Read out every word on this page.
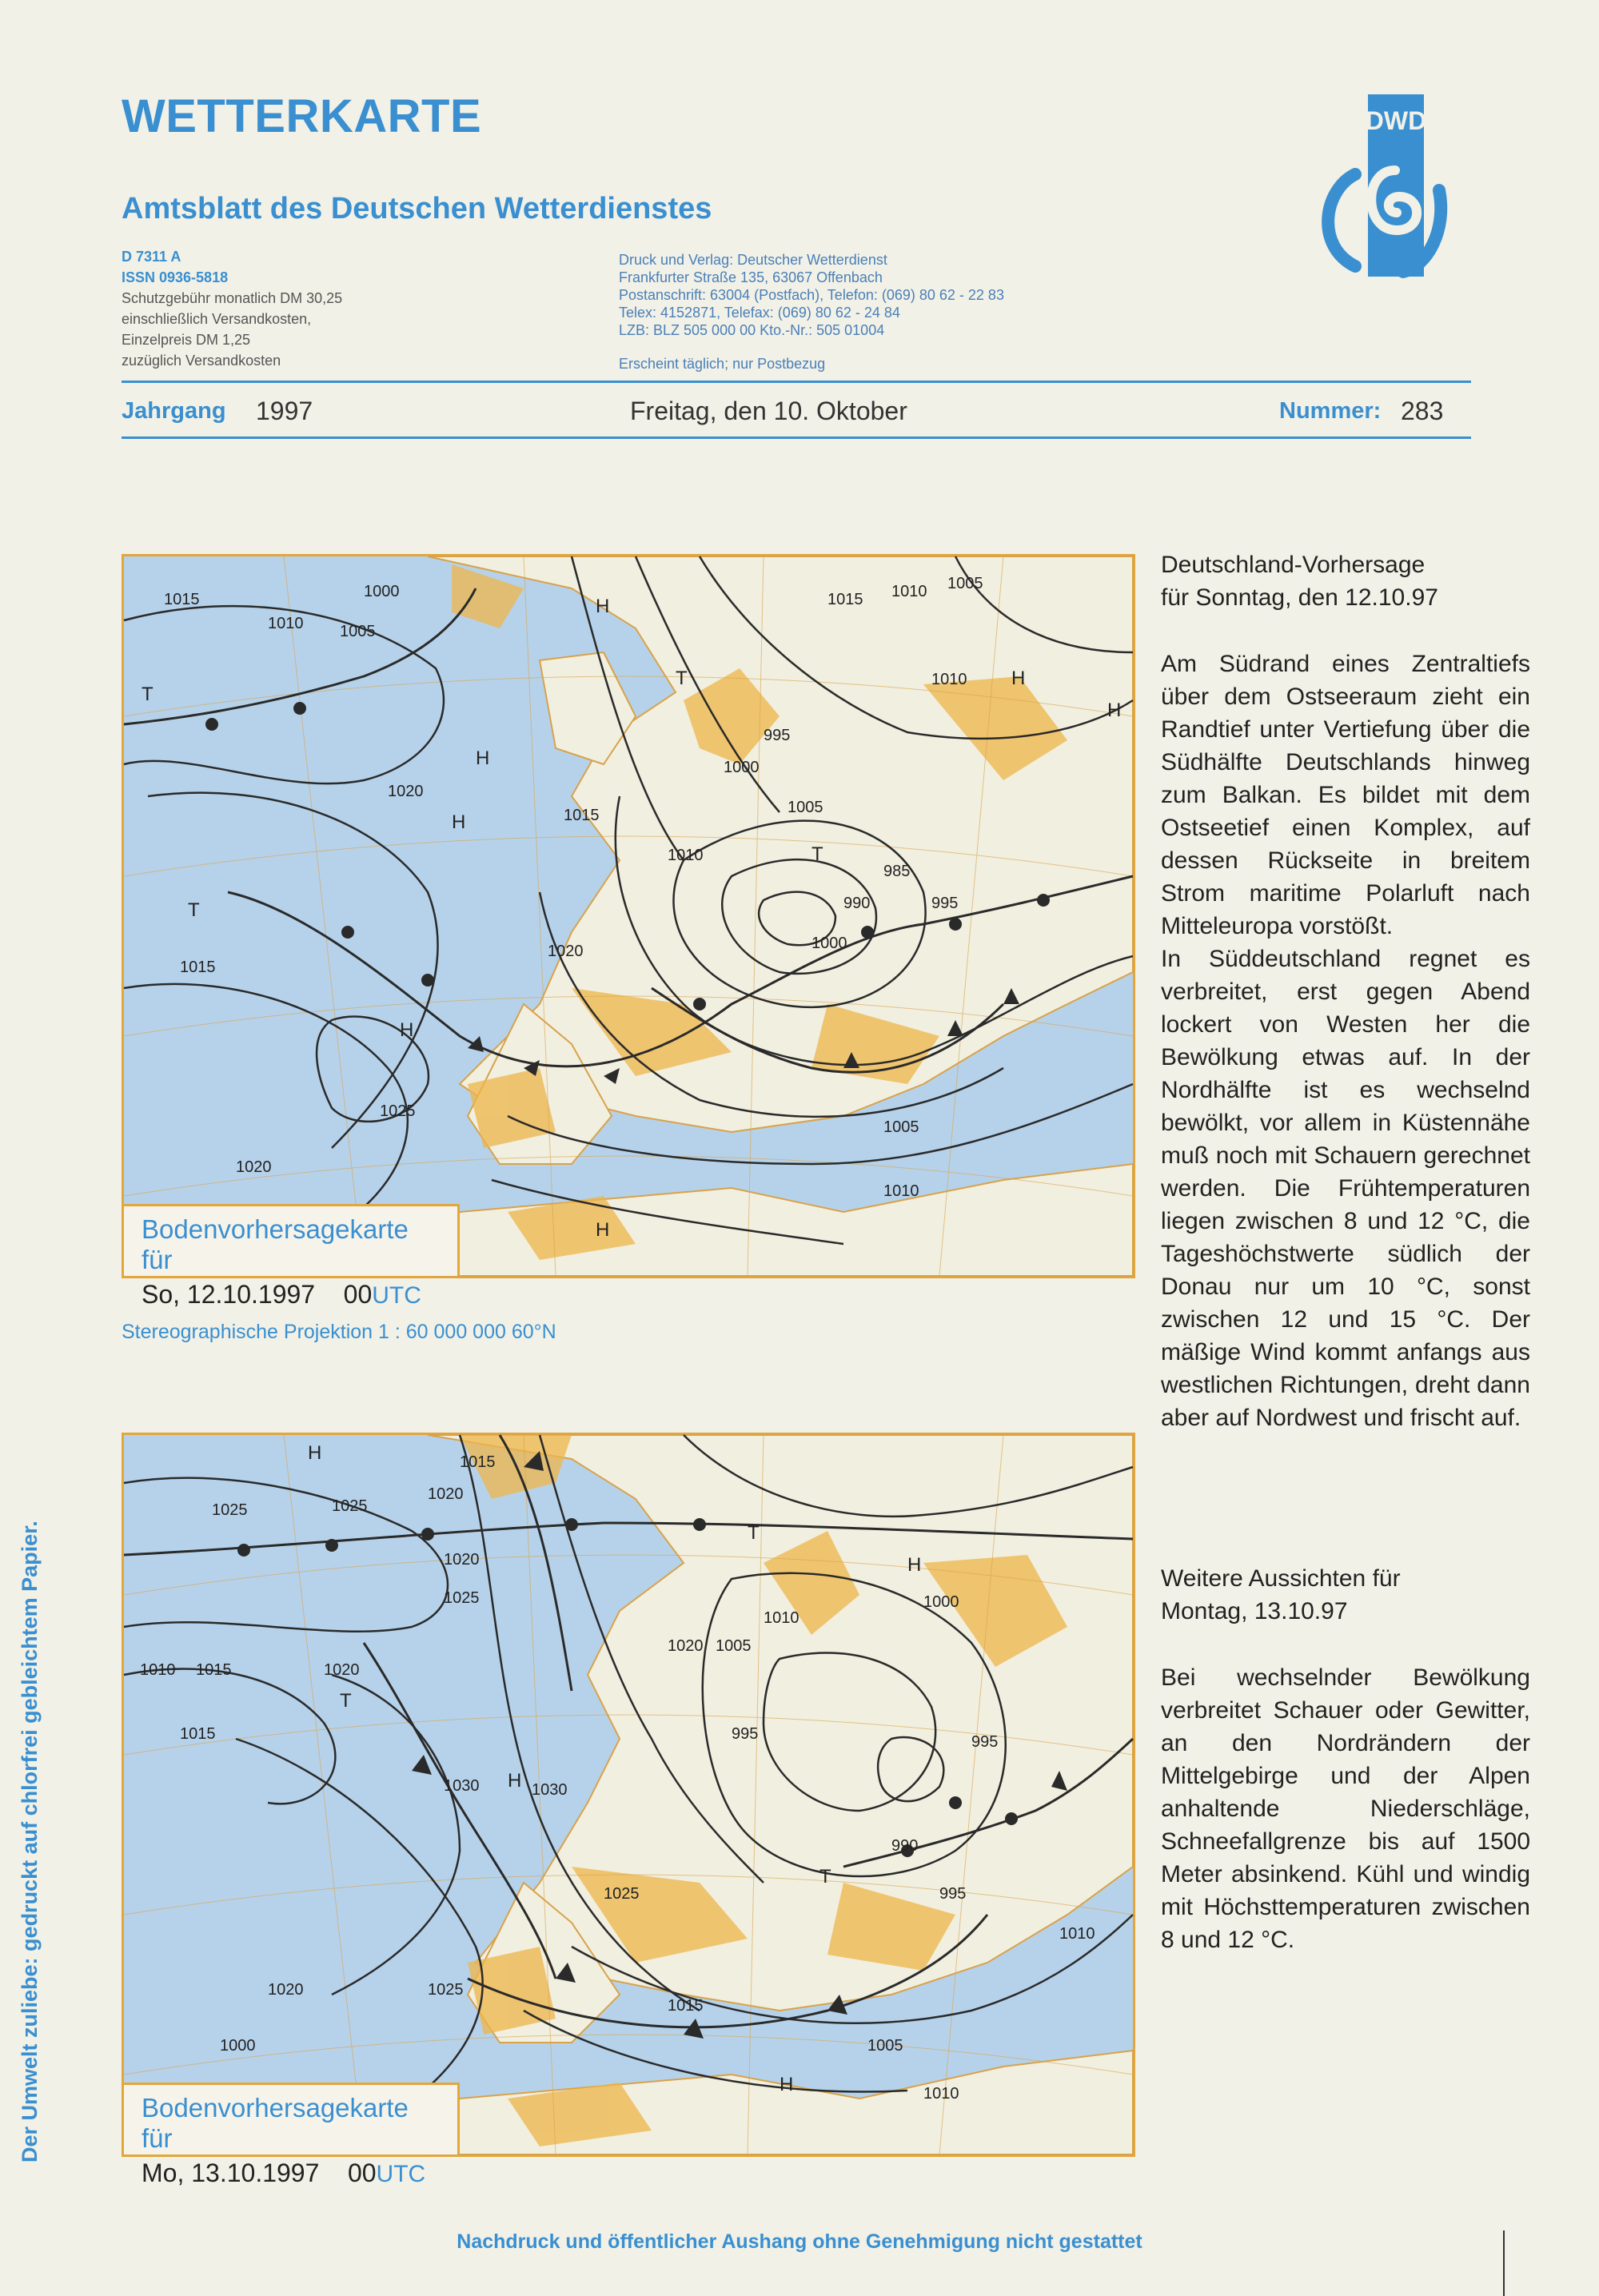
WETTERKARTE
Amtsblatt des Deutschen Wetterdienstes
D 7311 A
ISSN 0936-5818
Schutzgebühr monatlich DM 30,25
einschließlich Versandkosten,
Einzelpreis DM 1,25
zuzüglich Versandkosten
Druck und Verlag: Deutscher Wetterdienst
Frankfurter Straße 135, 63067 Offenbach
Postanschrift: 63004 (Postfach), Telefon: (069) 80 62 - 22 83
Telex: 4152871, Telefax: (069) 80 62 - 24 84
LZB: BLZ 505 000 00 Kto.-Nr.: 505 01004
Erscheint täglich; nur Postbezug
DWD
Jahrgang 1997	Freitag, den 10. Oktober	Nummer: 283
1015
1010
1000
1005
1015 1010 1005
1010
995
1000
1005
1015
1020
1010
985
990	995
1000
1020
1015
1025
1020
1005
1010
H
H
H
H
H
H
H
T
T
T
T
Bodenvorhersagekarte für
So, 12.10.1997 00UTC
Stereographische Projektion 1 : 60 000 000 60°N
1025	1025
1020
1015
1020
1025
1020
1015
1010
1015
1030
1020 1005
1010
1000
995	995
990
995
1025
1015
1030
1025
1020
1000	1005
1010
1010
H
H
H
H
T
T
T
Bodenvorhersagekarte für
Mo, 13.10.1997 00UTC
Deutschland-Vorhersage
für Sonntag, den 12.10.97

Am Südrand eines Zentraltiefs über dem Ostseeraum zieht ein Randtief unter Vertiefung über die Südhälfte Deutschlands hinweg zum Balkan. Es bildet mit dem Ostseetief einen Komplex, auf dessen Rückseite in breitem Strom maritime Polarluft nach Mitteleuropa vorstößt.

In Süddeutschland regnet es verbreitet, erst gegen Abend lockert von Westen her die Bewölkung etwas auf. In der Nordhälfte ist es wechselnd bewölkt, vor allem in Küstennähe muß noch mit Schauern gerechnet werden. Die Frühtemperaturen liegen zwischen 8 und 12 °C, die Tageshöchstwerte südlich der Donau nur um 10 °C, sonst zwischen 12 und 15 °C. Der mäßige Wind kommt anfangs aus westlichen Richtungen, dreht dann aber auf Nordwest und frischt auf.

Weitere Aussichten für
Montag, 13.10.97

Bei wechselnder Bewölkung verbreitet Schauer oder Gewitter, an den Nordrändern der Mittelgebirge und der Alpen anhaltende Niederschläge, Schneefallgrenze bis auf 1500 Meter absinkend. Kühl und windig mit Höchsttemperaturen zwischen 8 und 12 °C.

Der Umwelt zuliebe: gedruckt auf chlorfrei gebleichtem Papier.
Nachdruck und öffentlicher Aushang ohne Genehmigung nicht gestattet
